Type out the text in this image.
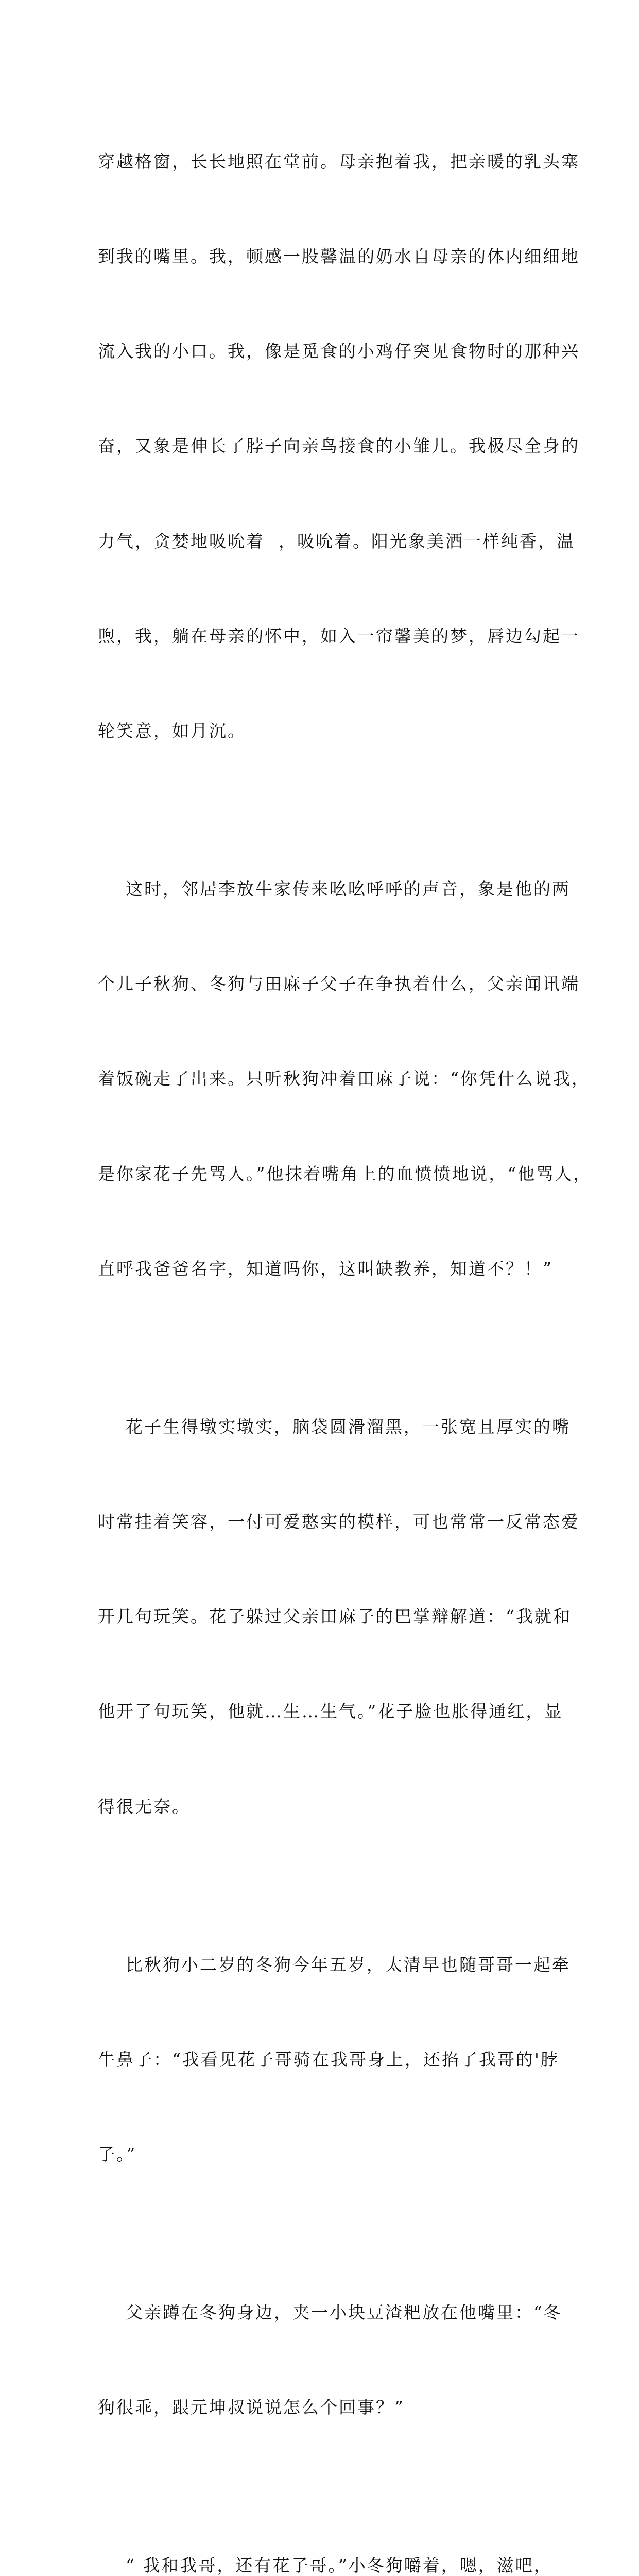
穿越格窗，长长地照在堂前。母亲抱着我，把亲暖的乳头塞

到我的嘴里。我，顿感一股馨温的奶水自母亲的体内细细地

流入我的小口。我，像是觅食的小鸡仔突见食物时的那种兴

奋，又象是伸长了脖子向亲鸟接食的小雏儿。我极尽全身的

力气，贪婪地吸吮着  ，吸吮着。阳光象美酒一样纯香，温

煦，我，躺在母亲的怀中，如入一帘馨美的梦，唇边勾起一

轮笑意，如月沉。

这时，邻居李放牛家传来吆吆呼呼的声音，象是他的两

个儿子秋狗、冬狗与田麻子父子在争执着什么，父亲闻讯端

着饭碗走了出来。只听秋狗冲着田麻子说：“你凭什么说我，

是你家花子先骂人。”他抹着嘴角上的血愤愤地说，“他骂人，

直呼我爸爸名字，知道吗你，这叫缺教养，知道不？！”

花子生得墩实墩实，脑袋圆滑溜黑，一张宽且厚实的嘴

时常挂着笑容，一付可爱憨实的模样，可也常常一反常态爱

开几句玩笑。花子躲过父亲田麻子的巴掌辩解道：“我就和

他开了句玩笑，他就…生…生气。”花子脸也胀得通红，显

得很无奈。

比秋狗小二岁的冬狗今年五岁，太清早也随哥哥一起牵

牛鼻子：“我看见花子哥骑在我哥身上，还掐了我哥的'脖

子。”

父亲蹲在冬狗身边，夹一小块豆渣粑放在他嘴里：“冬

狗很乖，跟元坤叔说说怎么个回事？”

“ 我和我哥，还有花子哥。”小冬狗嚼着，嗯，滋吧，
